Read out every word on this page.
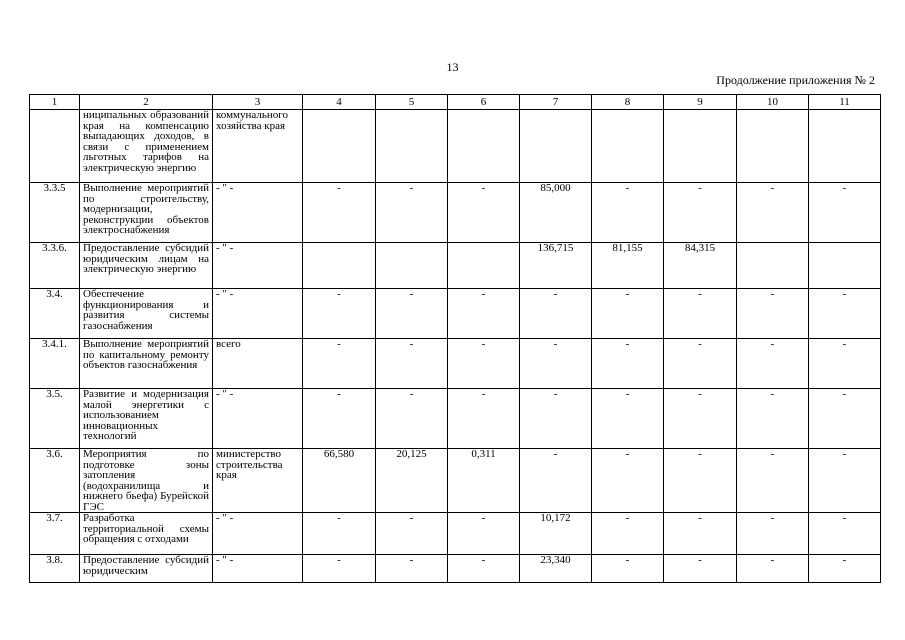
13
Продолжение приложения № 2
1	2	3	4	5	6	7	8	9	10	11
	ниципальных образований края на компенсацию выпадающих доходов, в связи с применением льготных тарифов на электрическую энергию	коммунального хозяйства края								
3.3.5	Выполнение мероприятий по строительству, модернизации, реконструкции объектов электроснабжения	- " -	-	-	-	85,000	-	-	-	-
3.3.6.	Предоставление субсидий юридическим лицам на электрическую энергию	- " -				136,715	81,155	84,315		
3.4.	Обеспечение функционирования и развития системы газоснабжения	- " -	-	-	-	-	-	-	-	-
3.4.1.	Выполнение мероприятий по капитальному ремонту объектов газоснабжения	всего	-	-	-	-	-	-	-	-
3.5.	Развитие и модернизация малой энергетики с использованием инновационных технологий	- " -	-	-	-	-	-	-	-	-
3.6.	Мероприятия по подготовке зоны затопления (водохранилища и нижнего бьефа) Бурейской ГЭС	министерство строительства края	66,580	20,125	0,311	-	-	-	-	-
3.7.	Разработка территориальной схемы обращения с отходами	- " -	-	-	-	10,172	-	-	-	-
3.8.	Предоставление субсидий юридическим	- " -	-	-	-	23,340	-	-	-	-
